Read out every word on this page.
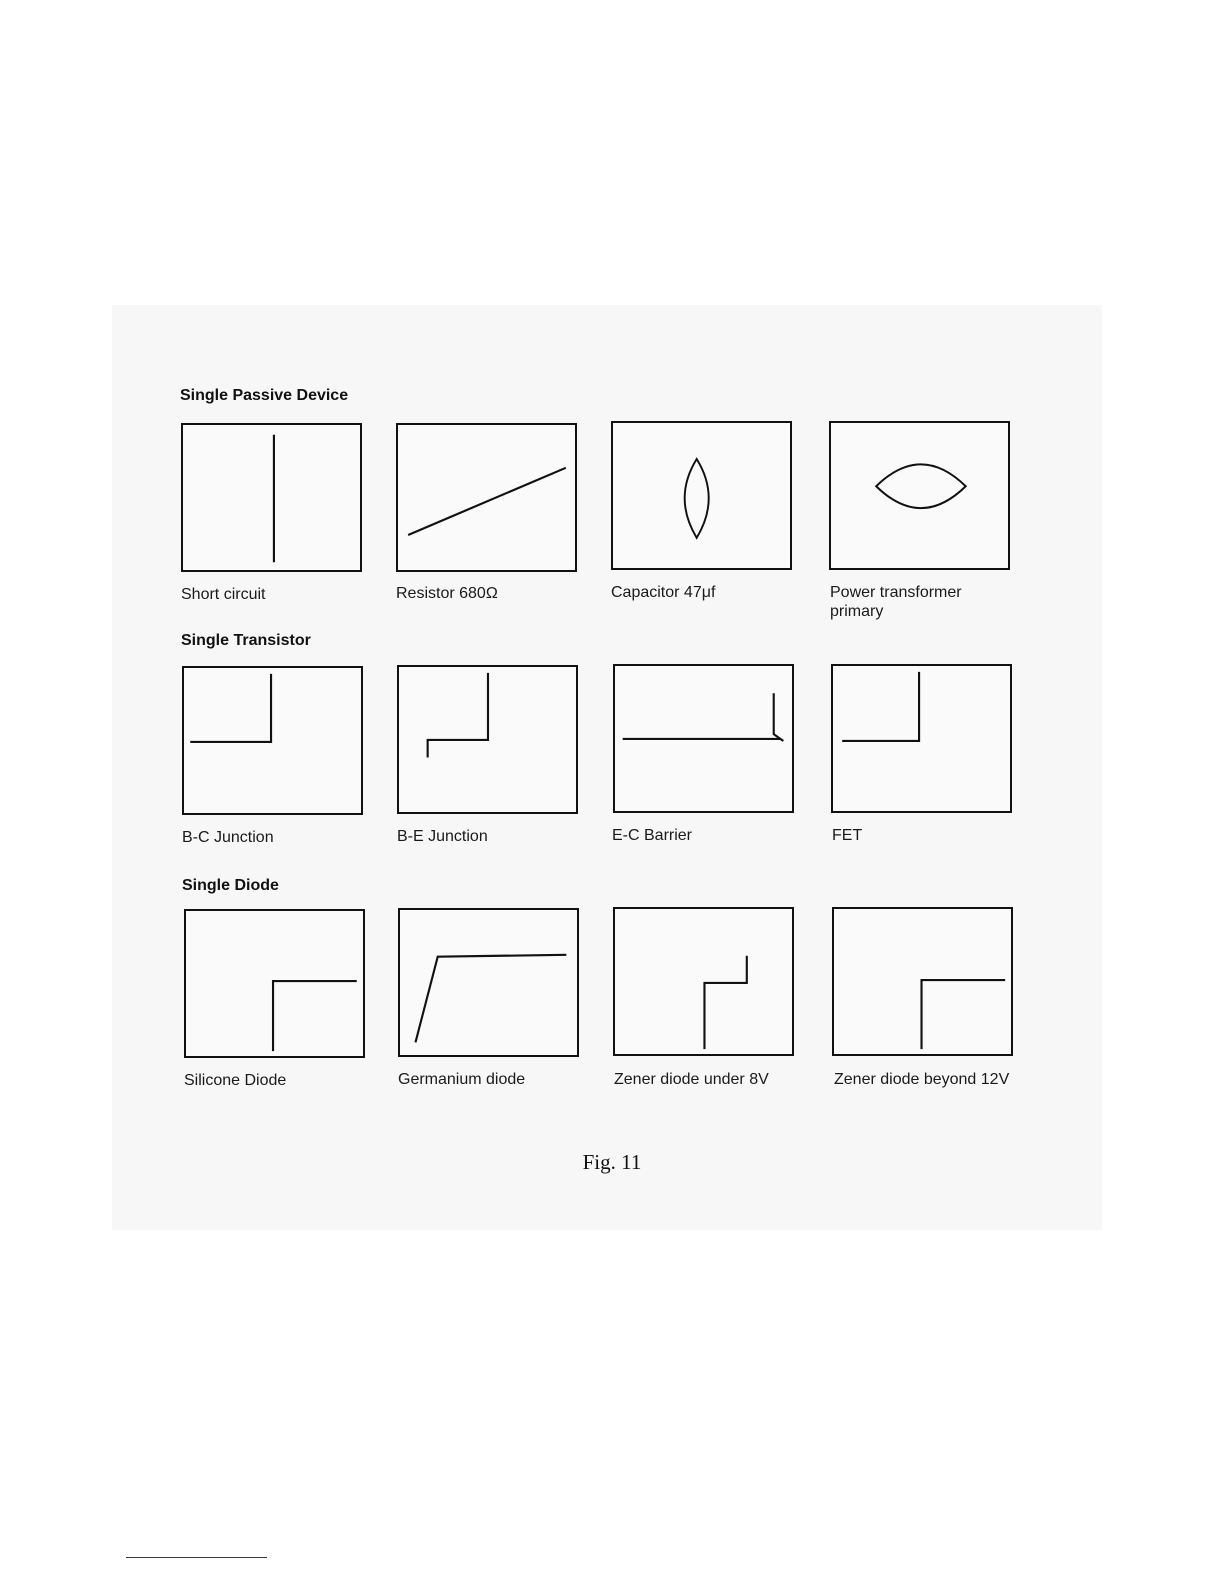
Single Passive Device
Single Transistor
Single Diode
Short circuit	Resistor 680Ω	Capacitor 47μf	Power transformer primary
B-C Junction	B-E Junction	E-C Barrier	FET
Silicone Diode	Germanium diode	Zener diode under 8V	Zener diode beyond 12V
Fig. 11
